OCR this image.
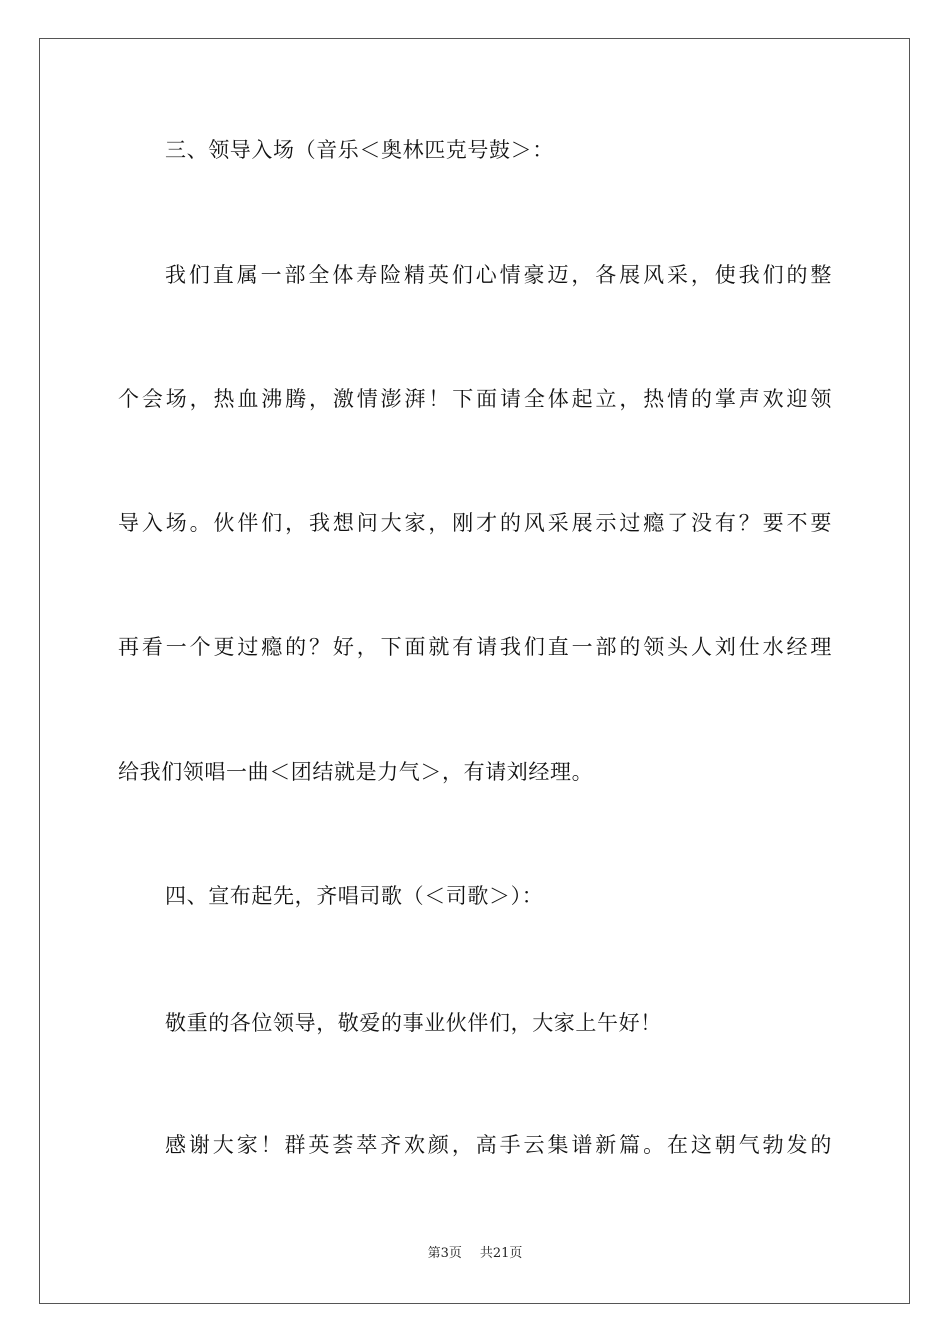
三、领导入场（音乐＜奥林匹克号鼓＞：
我们直属一部全体寿险精英们心情豪迈，各展风采，使我们的整
个会场，热血沸腾，激情澎湃！下面请全体起立，热情的掌声欢迎领
导入场。伙伴们，我想问大家，刚才的风采展示过瘾了没有？要不要
再看一个更过瘾的？好，下面就有请我们直一部的领头人刘仕水经理
给我们领唱一曲＜团结就是力气＞，有请刘经理。
四、宣布起先，齐唱司歌（＜司歌＞）：
敬重的各位领导，敬爱的事业伙伴们，大家上午好！
感谢大家！群英荟萃齐欢颜，高手云集谱新篇。在这朝气勃发的
第3页 共21页
